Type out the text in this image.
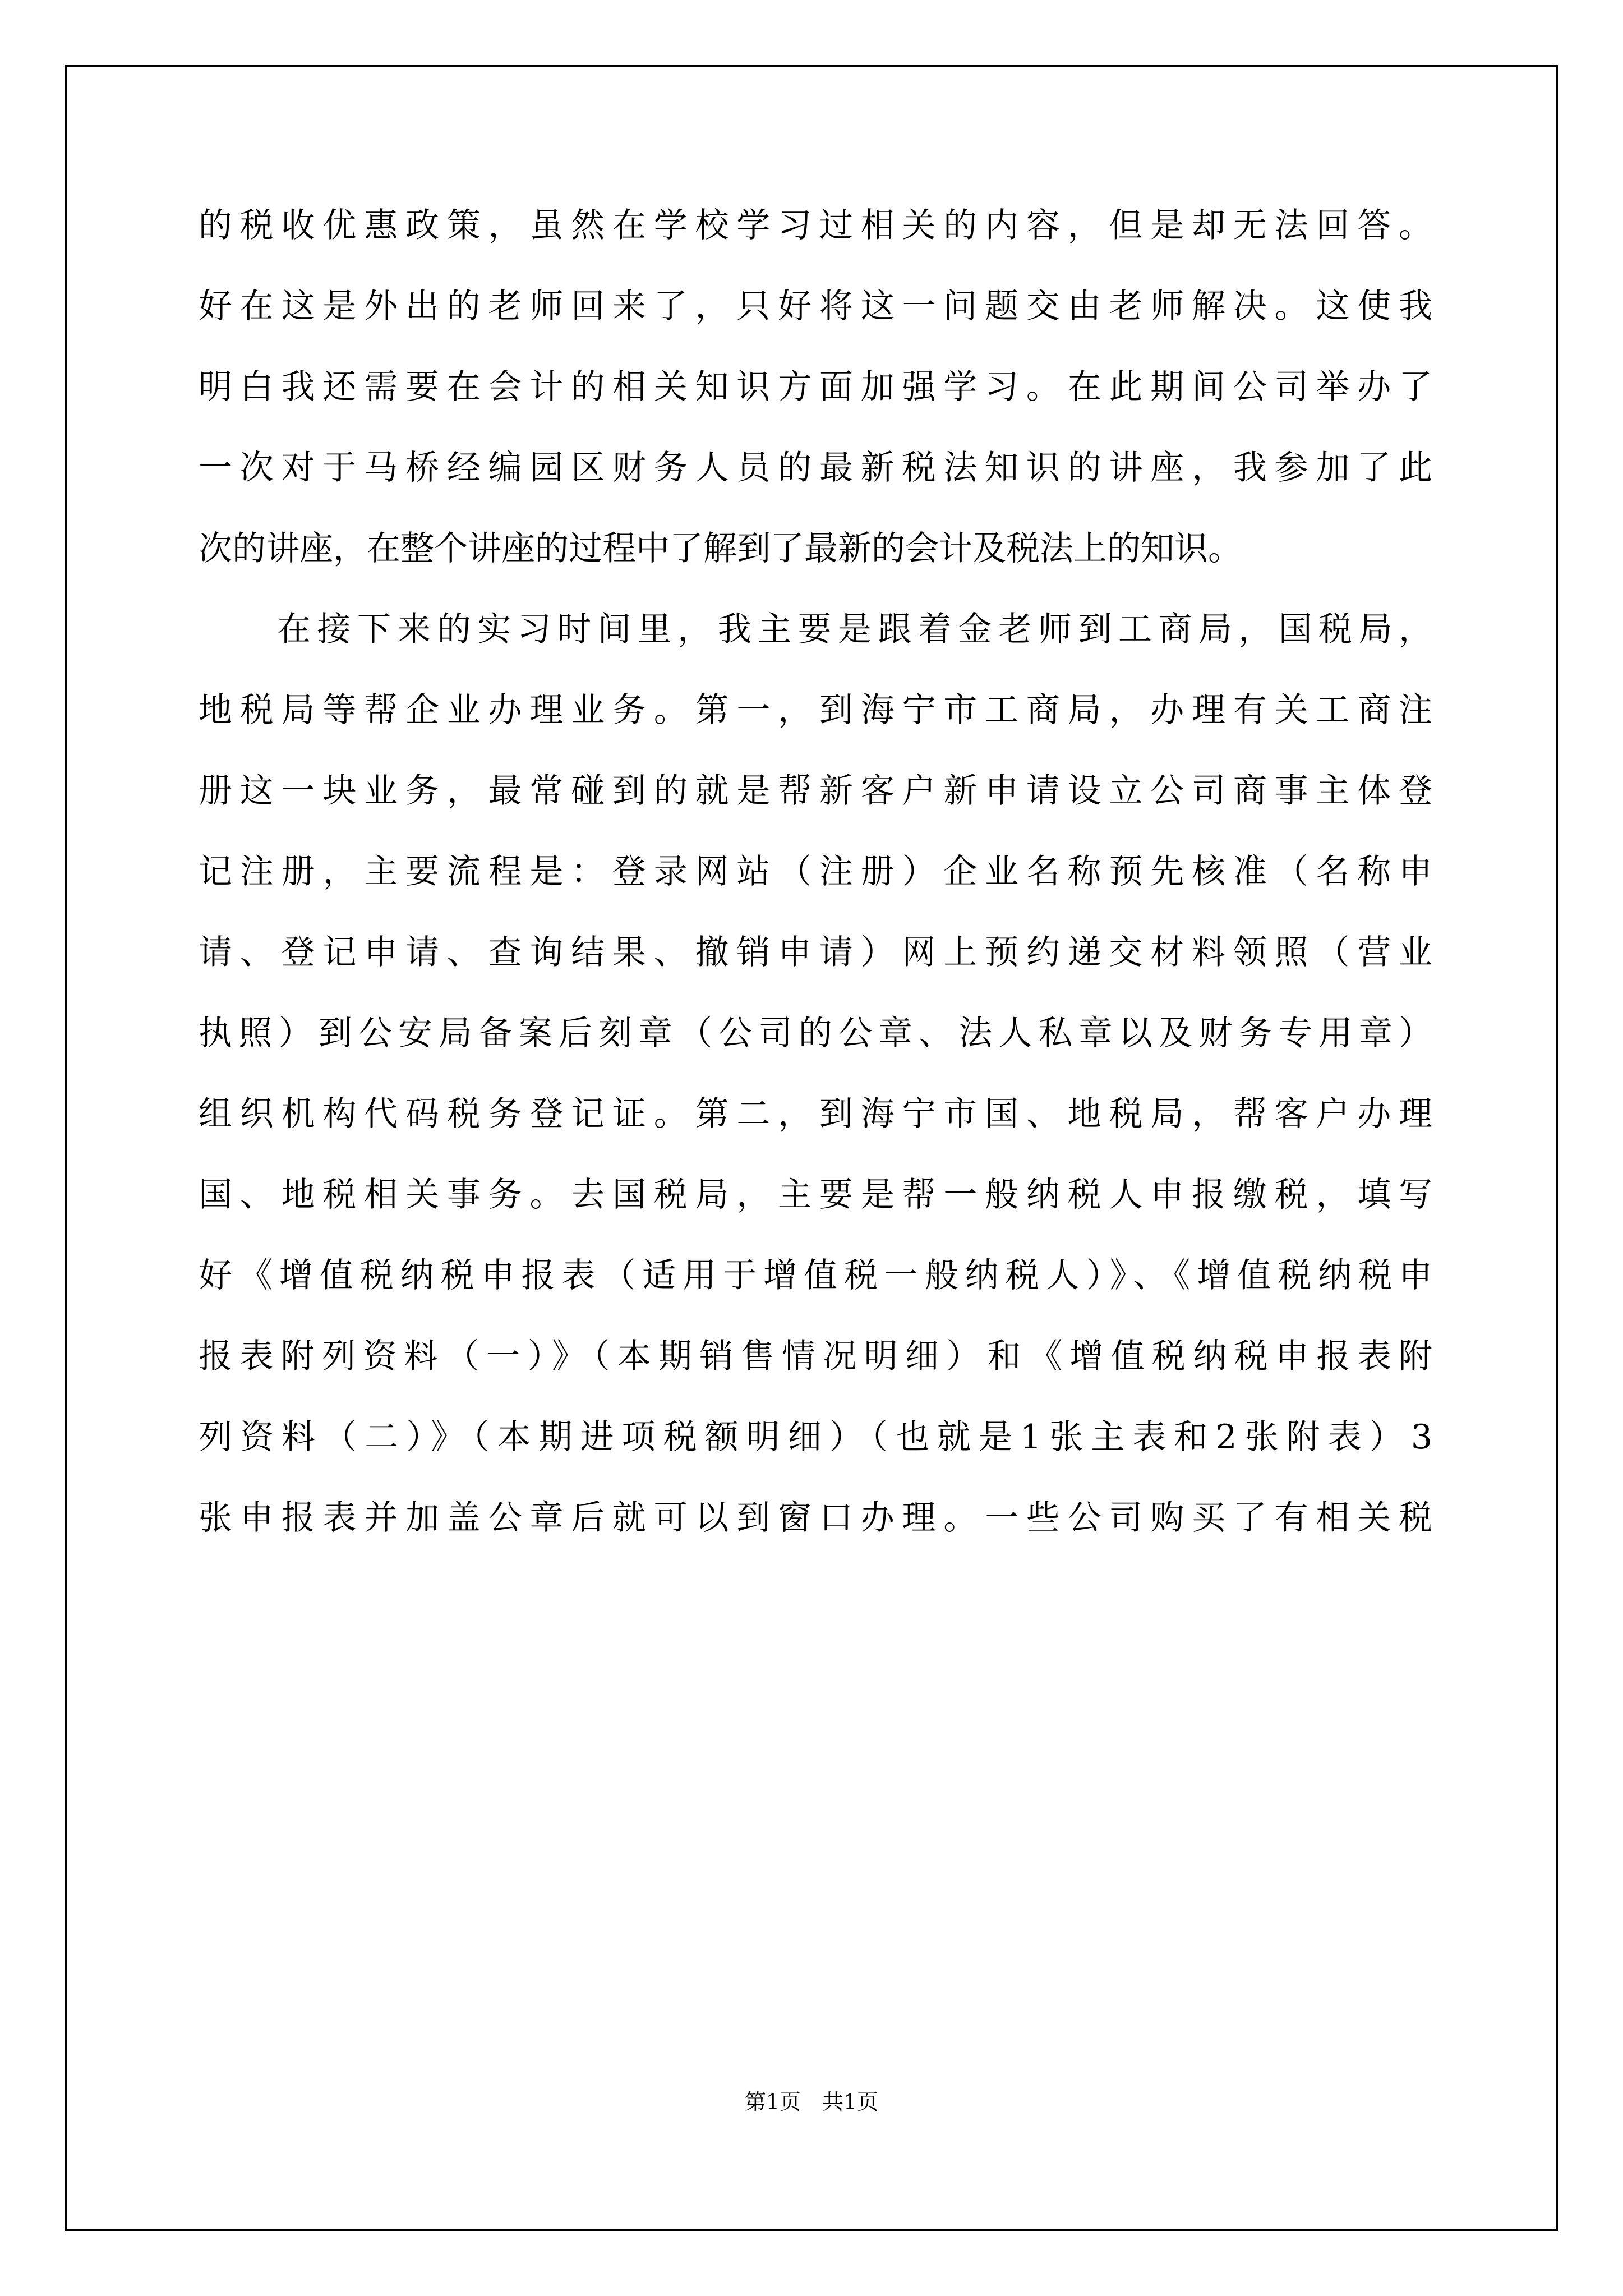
的税收优惠政策，虽然在学校学习过相关的内容，但是却无法回答。
好在这是外出的老师回来了，只好将这一问题交由老师解决。这使我
明白我还需要在会计的相关知识方面加强学习。在此期间公司举办了
一次对于马桥经编园区财务人员的最新税法知识的讲座，我参加了此
次的讲座，在整个讲座的过程中了解到了最新的会计及税法上的知识。
在接下来的实习时间里，我主要是跟着金老师到工商局，国税局，
地税局等帮企业办理业务。第一，到海宁市工商局，办理有关工商注
册这一块业务，最常碰到的就是帮新客户新申请设立公司商事主体登
记注册，主要流程是：登录网站（注册）企业名称预先核准（名称申
请、登记申请、查询结果、撤销申请）网上预约递交材料领照（营业
执照）到公安局备案后刻章（公司的公章、法人私章以及财务专用章）
组织机构代码税务登记证。第二，到海宁市国、地税局，帮客户办理
国、地税相关事务。去国税局，主要是帮一般纳税人申报缴税，填写
好《增值税纳税申报表（适用于增值税一般纳税人）》、《增值税纳税申
报表附列资料（一）》（本期销售情况明细）和《增值税纳税申报表附
列资料（二）》（本期进项税额明细）（也就是1张主表和2张附表）3
张申报表并加盖公章后就可以到窗口办理。一些公司购买了有相关税
第1页　共1页
